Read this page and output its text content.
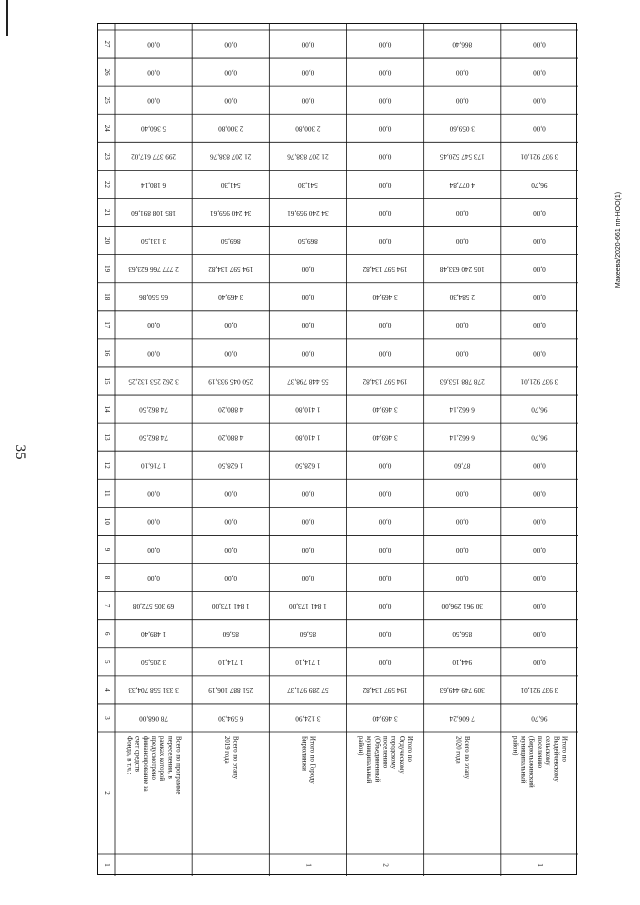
35
Макеева/2020-661 пп-НОО(1)
27
26
25
24
23
22
21
20
19
18
17
16
15
14
13
12
11
10
9
8
7
6
5
4
3
2
1
78 068,00
3 331 558 704,33
3 205,50
1 489,40
69 305 572,08
0,00
0,00
0,00
0,00
1 716,10
74 862,50
74 862,50
3 262 253 132,25
0,00
0,00
65 550,86
2 777 766 623,63
3 131,50
185 108 891,60
6 180,14
299 377 617,02
5 360,40
0,00
0,00
0,00
Всего по программе
переселения, в
рамках которой
предусмотрено
финансирование за
счет средств
Фонда, в т.ч.:
6 594,30
251 887 106,19
1 714,10
85,60
1 841 173,00
0,00
0,00
0,00
0,00
1 628,50
4 880,20
4 880,20
250 045 933,19
0,00
0,00
3 469,40
194 597 134,82
869,50
34 240 959,61
541,30
21 207 838,76
2 300,80
0,00
0,00
0,00
Всего по этапу
2019 года
3 124,90
57 289 971,37
1 714,10
85,60
1 841 173,00
0,00
0,00
0,00
0,00
1 628,50
1 410,80
1 410,80
55 448 798,37
0,00
0,00
0,00
0,00
869,50
34 240 959,61
541,30
21 207 838,76
2 300,80
0,00
0,00
0,00
Итого по Городу
Бирюлинжи
1
3 469,40
194 597 134,82
0,00
0,00
0,00
0,00
0,00
0,00
0,00
0,00
3 469,40
3 469,40
194 597 134,82
0,00
0,00
3 469,40
194 597 134,82
0,00
0,00
0,00
0,00
0,00
0,00
0,00
0,00
Итого по
Огдуческому
городскому
поселению
(Объединенный
муниципальный
район)
2
7 606,24
309 749 449,63
944,10
856,50
30 961 296,00
0,00
0,00
0,00
0,00
87,60
6 662,14
6 662,14
278 788 153,63
0,00
0,00
2 584,30
105 240 633,48
0,00
0,00
4 077,84
173 547 520,45
3 059,60
0,00
0,00
866,40
Всего по этапу
2020 года
96,70
3 937 921,01
0,00
0,00
0,00
0,00
0,00
0,00
0,00
0,00
96,70
96,70
3 937 921,01
0,00
0,00
0,00
0,00
0,00
0,00
96,70
3 937 921,01
0,00
0,00
0,00
0,00
Итого по
Выдейчевскому
сельскому
поселению
(Бирюлыжинский
муниципальный
район)
1
